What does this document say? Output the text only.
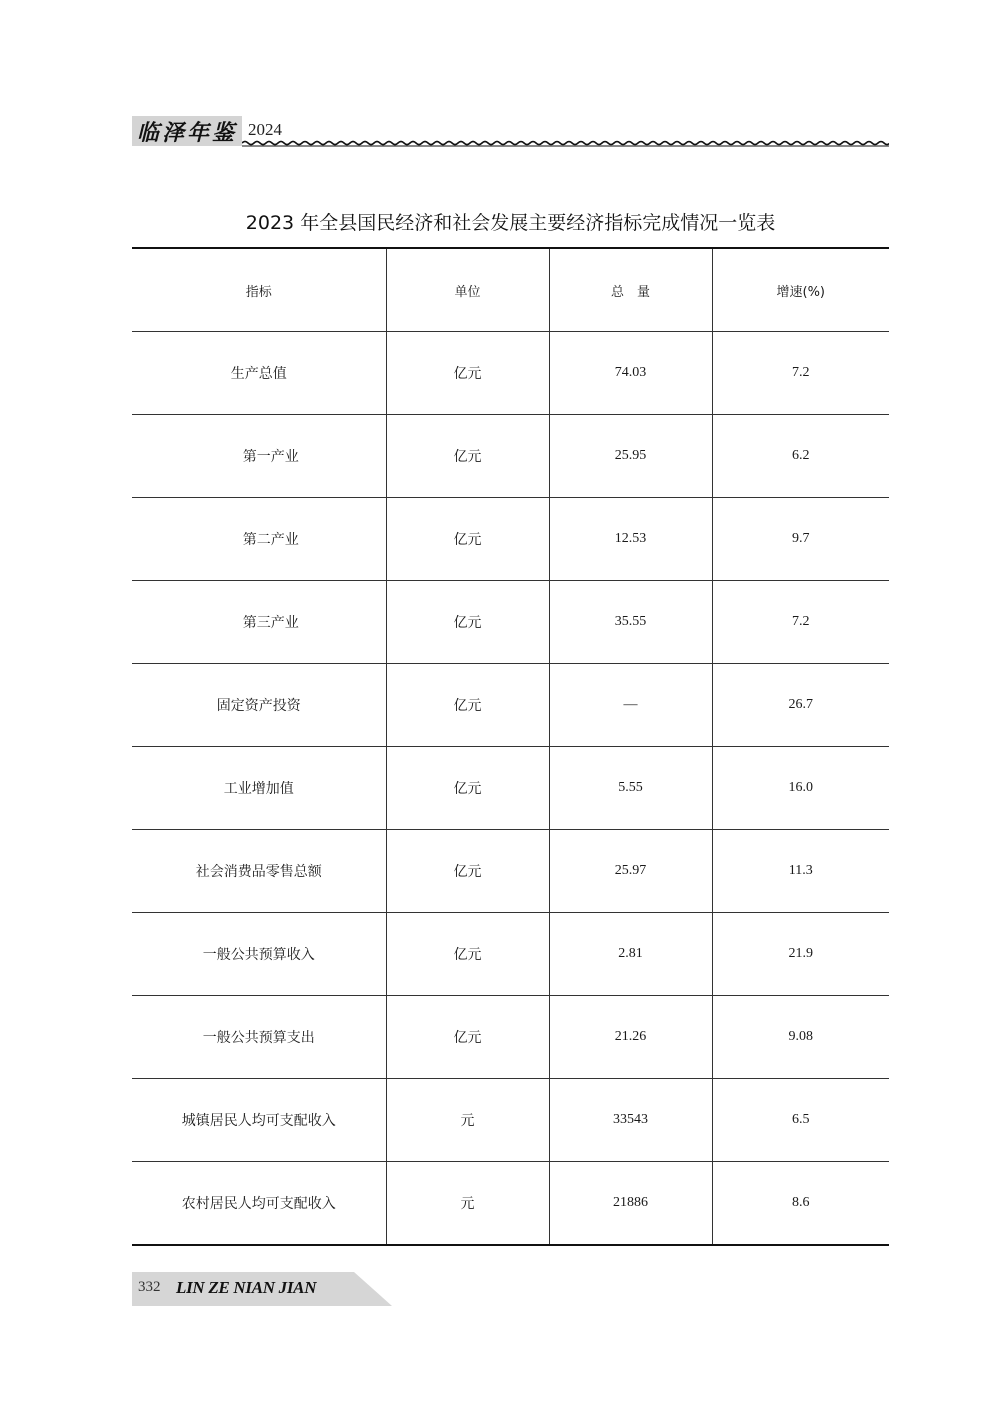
临泽年鉴 2024
2023 年全县国民经济和社会发展主要经济指标完成情况一览表
指标	单位	总　量	增速(%)
生产总值	亿元	74.03	7.2
第一产业	亿元	25.95	6.2
第二产业	亿元	12.53	9.7
第三产业	亿元	35.55	7.2
固定资产投资	亿元	—	26.7
工业增加值	亿元	5.55	16.0
社会消费品零售总额	亿元	25.97	11.3
一般公共预算收入	亿元	2.81	21.9
一般公共预算支出	亿元	21.26	9.08
城镇居民人均可支配收入	元	33543	6.5
农村居民人均可支配收入	元	21886	8.6
332 LIN ZE NIAN JIAN
